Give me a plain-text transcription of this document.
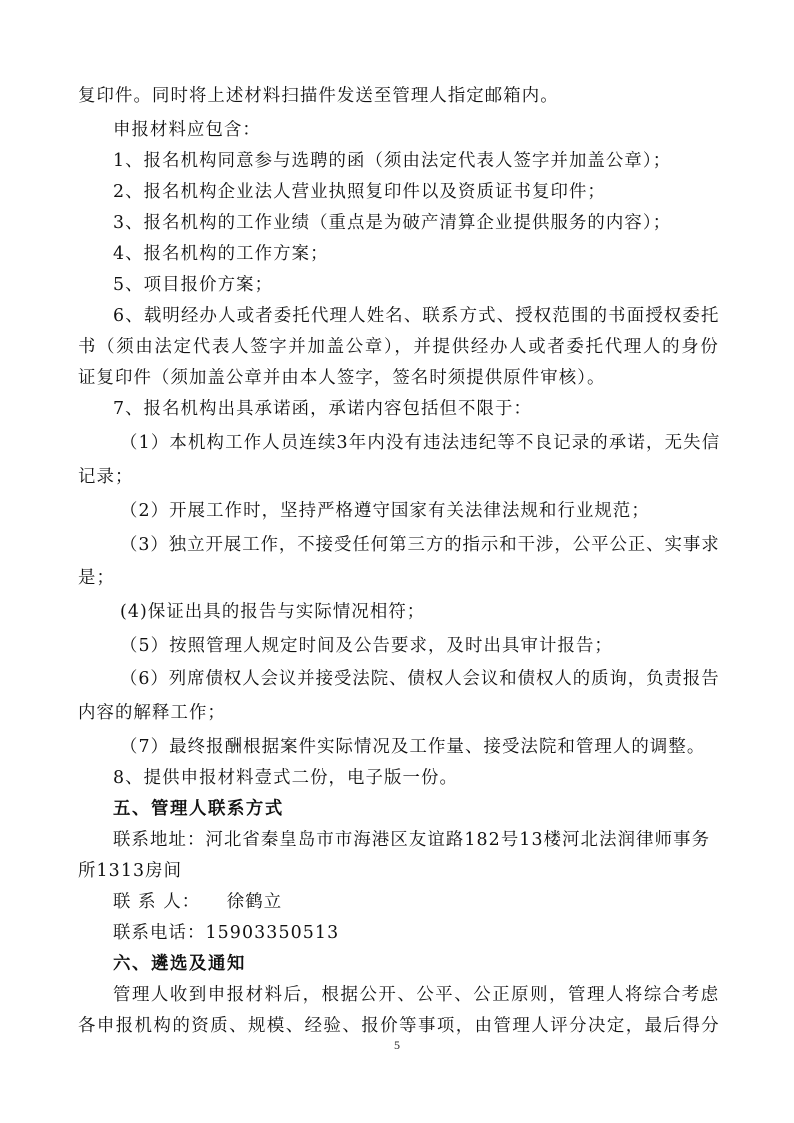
复印件。同时将上述材料扫描件发送至管理人指定邮箱内。
申报材料应包含：
1、报名机构同意参与选聘的函（须由法定代表人签字并加盖公章）；
2、报名机构企业法人营业执照复印件以及资质证书复印件；
3、报名机构的工作业绩（重点是为破产清算企业提供服务的内容）；
4、报名机构的工作方案；
5、项目报价方案；
6、载明经办人或者委托代理人姓名、联系方式、授权范围的书面授权委托
书（须由法定代表人签字并加盖公章），并提供经办人或者委托代理人的身份
证复印件（须加盖公章并由本人签字，签名时须提供原件审核）。
7、报名机构出具承诺函，承诺内容包括但不限于：
（1）本机构工作人员连续3年内没有违法违纪等不良记录的承诺，无失信
记录；
（2）开展工作时，坚持严格遵守国家有关法律法规和行业规范；
（3）独立开展工作，不接受任何第三方的指示和干涉，公平公正、实事求
是；
(4)保证出具的报告与实际情况相符；
（5）按照管理人规定时间及公告要求，及时出具审计报告；
（6）列席债权人会议并接受法院、债权人会议和债权人的质询，负责报告
内容的解释工作；
（7）最终报酬根据案件实际情况及工作量、接受法院和管理人的调整。
8、提供申报材料壹式二份，电子版一份。
五、管理人联系方式
联系地址：河北省秦皇岛市市海港区友谊路182号13楼河北法润律师事务
所1313房间
联 系 人：    徐鹤立
联系电话：15903350513
六、遴选及通知
管理人收到申报材料后，根据公开、公平、公正原则，管理人将综合考虑
各申报机构的资质、规模、经验、报价等事项，由管理人评分决定，最后得分
5
